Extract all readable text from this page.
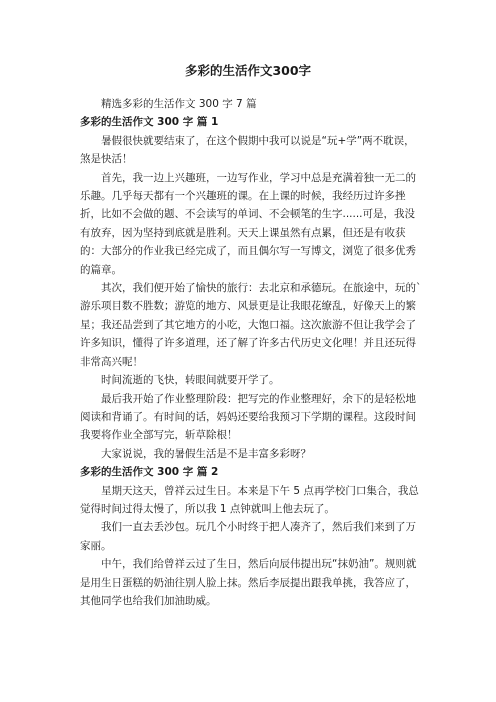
多彩的生活作文300字

精选多彩的生活作文 300 字 7 篇

多彩的生活作文 300 字 篇 1

暑假很快就要结束了，在这个假期中我可以说是“玩+学”两不耽误，煞是快活！

首先，我一边上兴趣班，一边写作业，学习中总是充满着独一无二的乐趣。几乎每天都有一个兴趣班的课。在上课的时候，我经历过许多挫折，比如不会做的题、不会读写的单词、不会顿笔的生字......可是，我没有放弃，因为坚持到底就是胜利。天天上课虽然有点累，但还是有收获的：大部分的作业我已经完成了，而且偶尔写一写博文，浏览了很多优秀的篇章。

其次，我们便开始了愉快的旅行：去北京和承德玩。在旅途中，玩的`游乐项目数不胜数；游览的地方、风景更是让我眼花缭乱，好像天上的繁星；我还品尝到了其它地方的小吃，大饱口福。这次旅游不但让我学会了许多知识，懂得了许多道理，还了解了许多古代历史文化哩！并且还玩得非常高兴呢！

时间流逝的飞快，转眼间就要开学了。

最后我开始了作业整理阶段：把写完的作业整理好，余下的是轻松地阅读和背诵了。有时间的话，妈妈还要给我预习下学期的课程。这段时间我要将作业全部写完，斩草除根！

大家说说，我的暑假生活是不是丰富多彩呀？

多彩的生活作文 300 字 篇 2

星期天这天，曾祥云过生日。本来是下午 5 点再学校门口集合，我总觉得时间过得太慢了，所以我 1 点钟就叫上他去玩了。

我们一直去丢沙包。玩几个小时终于把人凑齐了，然后我们来到了万家丽。

中午，我们给曾祥云过了生日，然后向辰伟提出玩“抹奶油”。规则就是用生日蛋糕的奶油往别人脸上抹。然后李辰提出跟我单挑，我答应了，其他同学也给我们加油助威。
